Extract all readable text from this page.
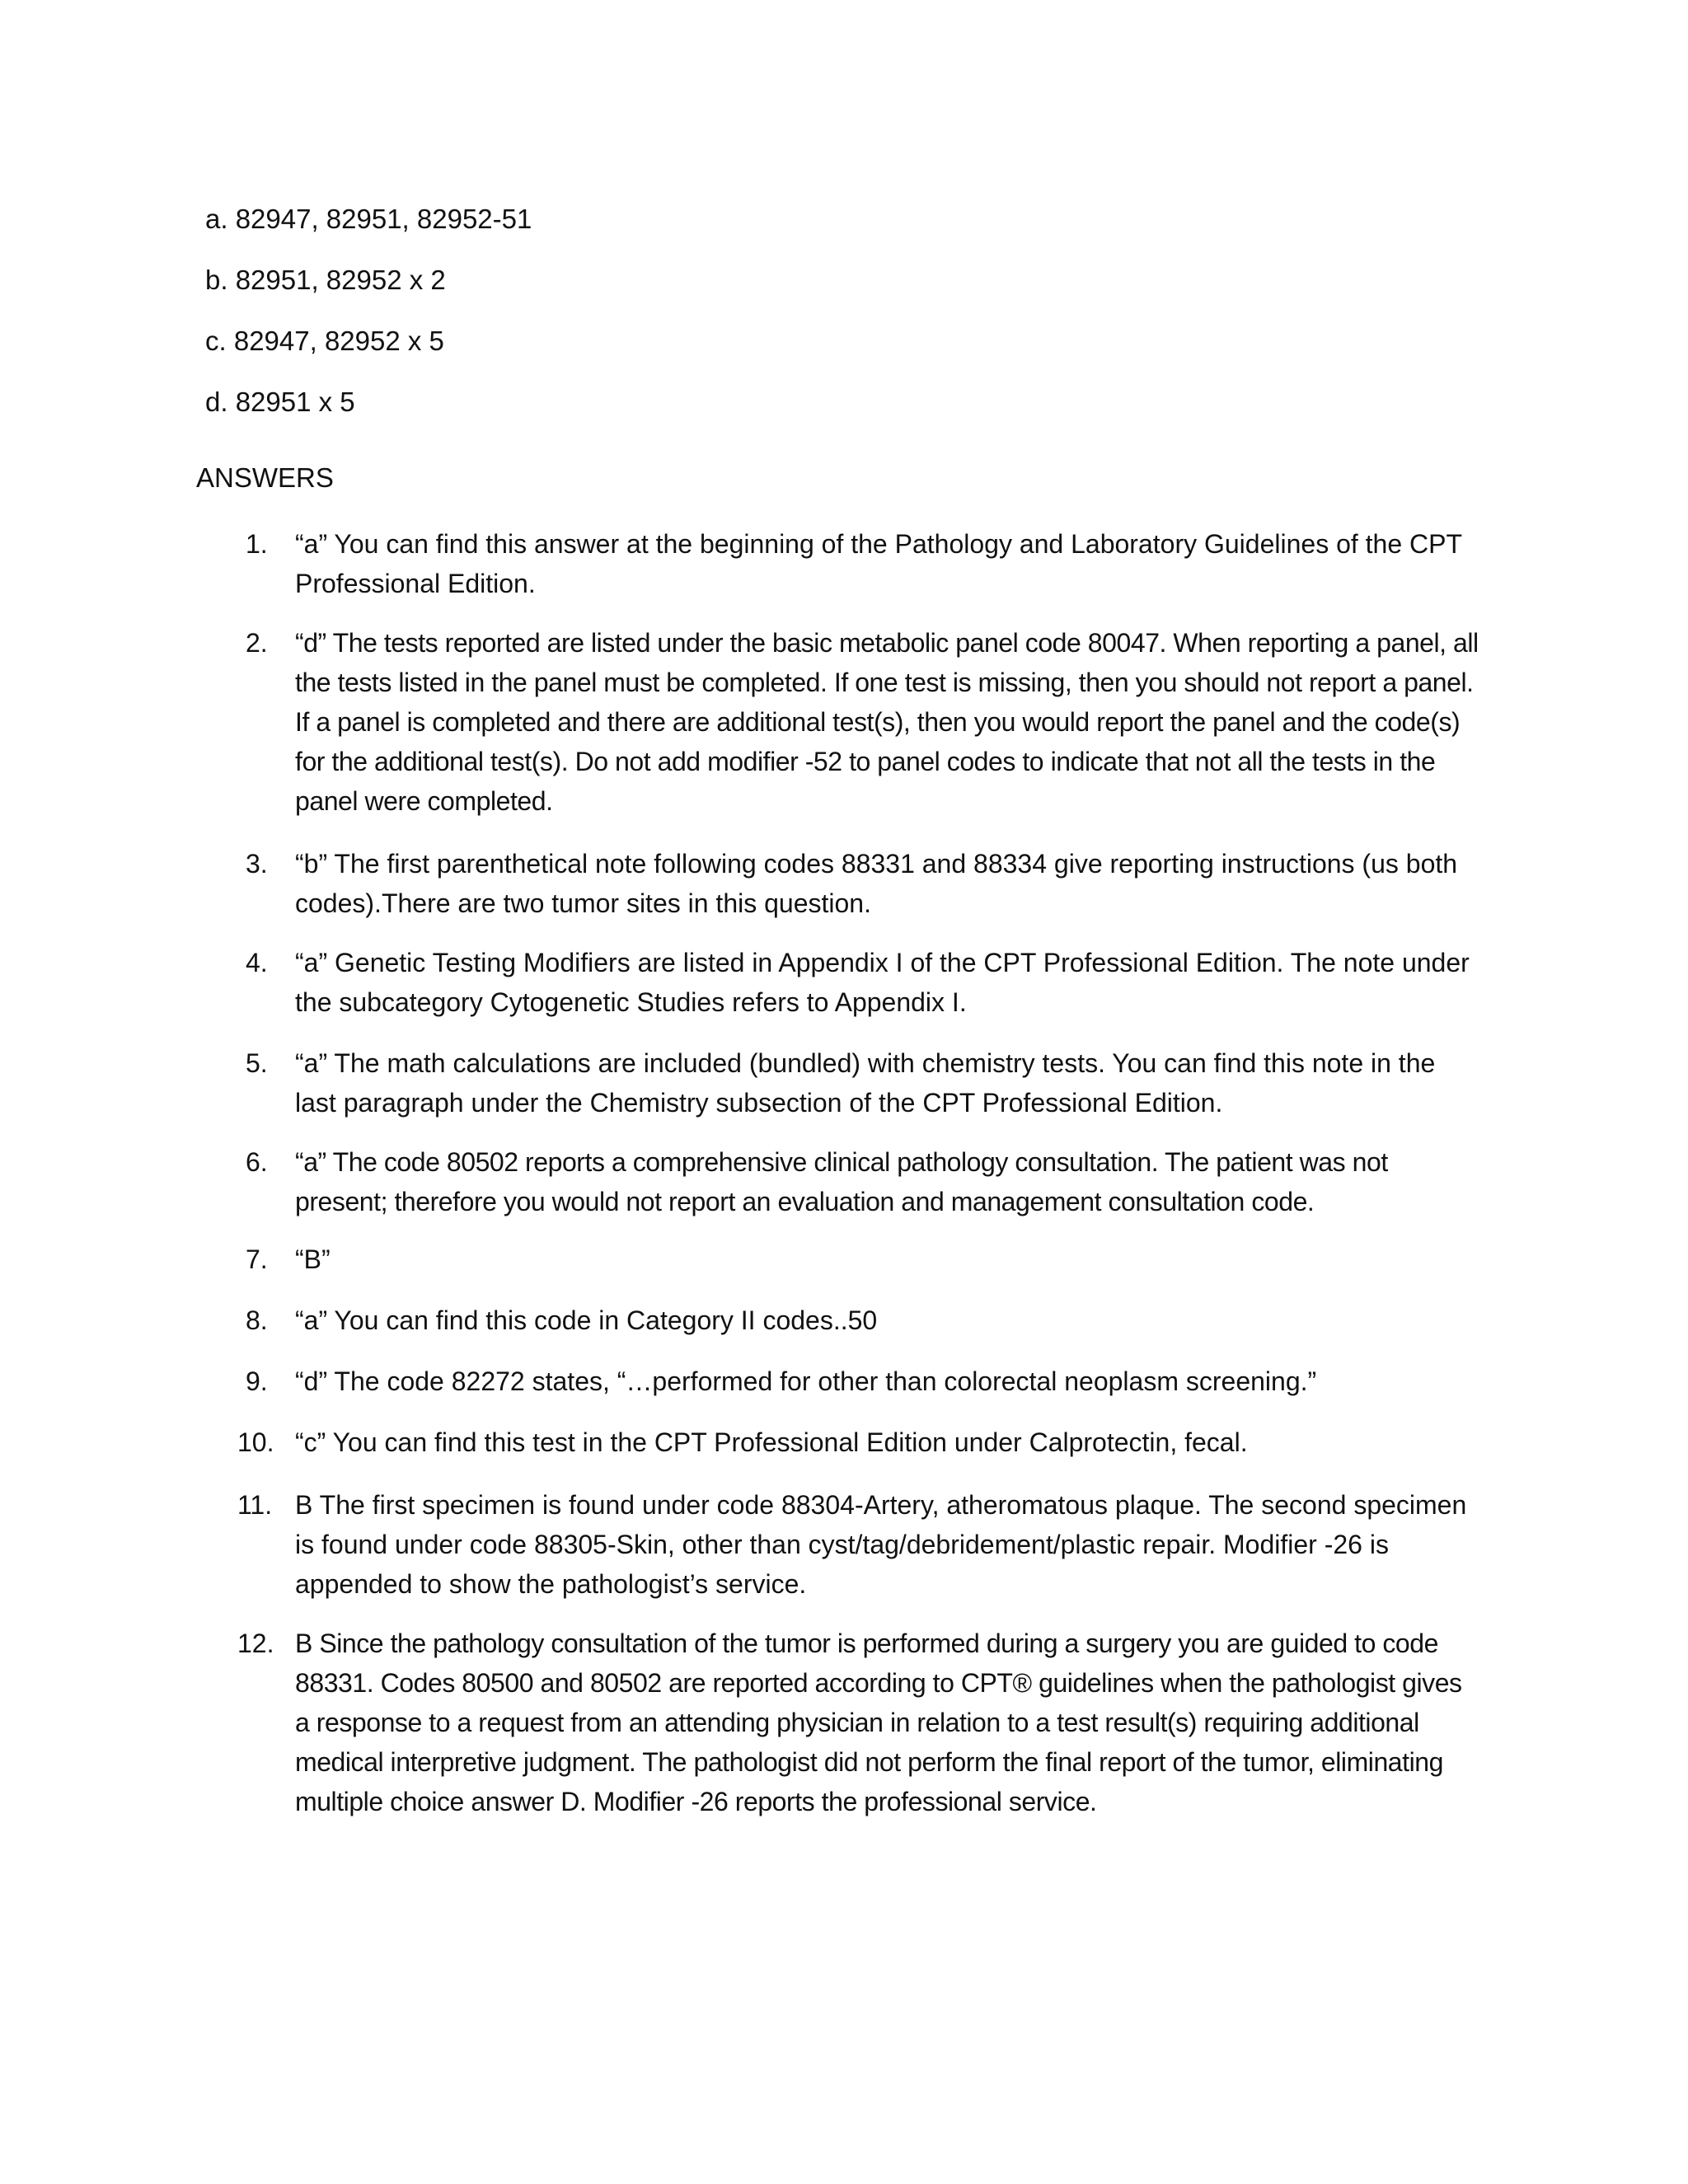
a. 82947, 82951, 82952-51
b. 82951, 82952 x 2
c. 82947, 82952 x 5
d. 82951 x 5
ANSWERS
1. “a” You can find this answer at the beginning of the Pathology and Laboratory Guidelines of the CPT Professional Edition.

2. “d” The tests reported are listed under the basic metabolic panel code 80047. When reporting a panel, all the tests listed in the panel must be completed. If one test is missing, then you should not report a panel. If a panel is completed and there are additional test(s), then you would report the panel and the code(s) for the additional test(s). Do not add modifier -52 to panel codes to indicate that not all the tests in the panel were completed.

3. “b” The first parenthetical note following codes 88331 and 88334 give reporting instructions (us both codes).There are two tumor sites in this question.

4. “a” Genetic Testing Modifiers are listed in Appendix I of the CPT Professional Edition. The note under the subcategory Cytogenetic Studies refers to Appendix I.

5. “a” The math calculations are included (bundled) with chemistry tests. You can find this note in the last paragraph under the Chemistry subsection of the CPT Professional Edition.

6. “a” The code 80502 reports a comprehensive clinical pathology consultation. The patient was not present; therefore you would not report an evaluation and management consultation code.

7. “B”

8. “a” You can find this code in Category II codes..50

9. “d” The code 82272 states, “…performed for other than colorectal neoplasm screening.”

10. “c” You can find this test in the CPT Professional Edition under Calprotectin, fecal.

11. B The first specimen is found under code 88304-Artery, atheromatous plaque. The second specimen is found under code 88305-Skin, other than cyst/tag/debridement/plastic repair. Modifier -26 is appended to show the pathologist’s service.

12. B Since the pathology consultation of the tumor is performed during a surgery you are guided to code 88331. Codes 80500 and 80502 are reported according to CPT® guidelines when the pathologist gives a response to a request from an attending physician in relation to a test result(s) requiring additional medical interpretive judgment. The pathologist did not perform the final report of the tumor, eliminating multiple choice answer D. Modifier -26 reports the professional service.
